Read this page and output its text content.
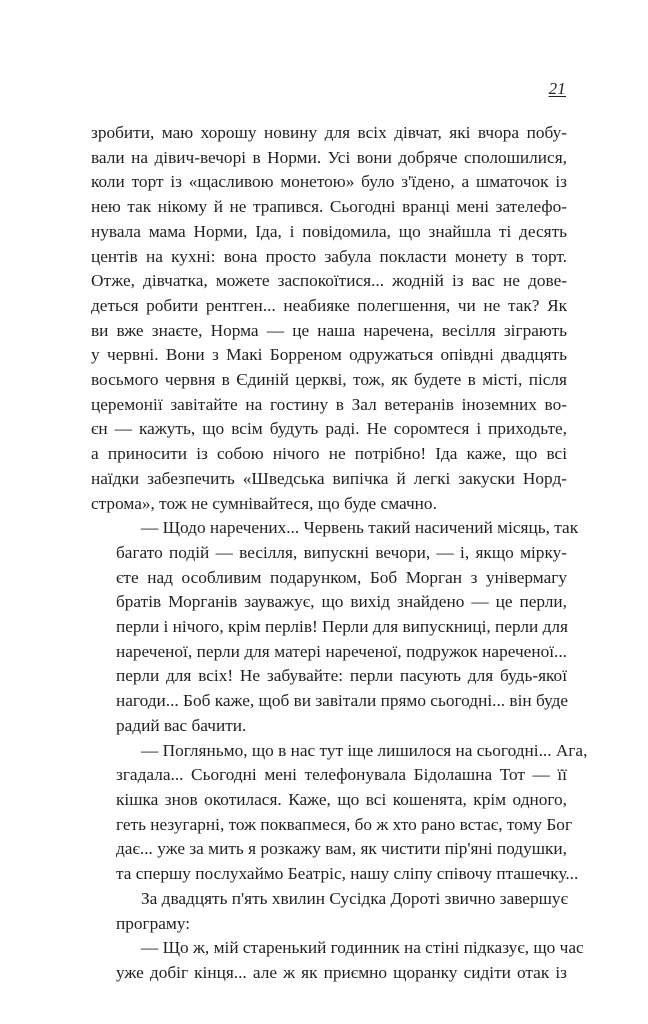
21
зробити, маю хорошу новину для всіх дівчат, які вчора побу-
вали на дівич-вечорі в Норми. Усі вони добряче сполошилися,
коли торт із «щасливою монетою» було з'їдено, а шматочок із
нею так нікому й не трапився. Сьогодні вранці мені зателефо-
нувала мама Норми, Іда, і повідомила, що знайшла ті десять
центів на кухні: вона просто забула покласти монету в торт.
Отже, дівчатка, можете заспокоїтися... жодній із вас не дове-
деться робити рентген... неабияке полегшення, чи не так? Як
ви вже знаєте, Норма — це наша наречена, весілля зіграють
у червні. Вони з Макі Борреном одружаться опівдні двадцять
восьмого червня в Єдиній церкві, тож, як будете в місті, після
церемонії завітайте на гостину в Зал ветеранів іноземних во-
єн — кажуть, що всім будуть раді. Не соромтеся і приходьте,
а приносити із собою нічого не потрібно! Іда каже, що всі
наїдки забезпечить «Шведська випічка й легкі закуски Норд-
строма», тож не сумнівайтеся, що буде смачно.
— Щодо наречених... Червень такий насичений місяць, так
багато подій — весілля, випускні вечори, — і, якщо мірку-
єте над особливим подарунком, Боб Морган з універмагу
братів Морганів зауважує, що вихід знайдено — це перли,
перли і нічого, крім перлів! Перли для випускниці, перли для
нареченої, перли для матері нареченої, подружок нареченої...
перли для всіх! Не забувайте: перли пасують для будь-якої
нагоди... Боб каже, щоб ви завітали прямо сьогодні... він буде
радий вас бачити.
— Погляньмо, що в нас тут іще лишилося на сьогодні... Ага,
згадала... Сьогодні мені телефонувала Бідолашна Тот — її
кішка знов окотилася. Каже, що всі кошенята, крім одного,
геть незугарні, тож поквапмеся, бо ж хто рано встає, тому Бог
дає... уже за мить я розкажу вам, як чистити пір'яні подушки,
та спершу послухаймо Беатріс, нашу сліпу співочу пташечку...
За двадцять п'ять хвилин Сусідка Дороті звично завершує
програму:
— Що ж, мій старенький годинник на стіні підказує, що час
уже добіг кінця... але ж як приємно щоранку сидіти отак із
